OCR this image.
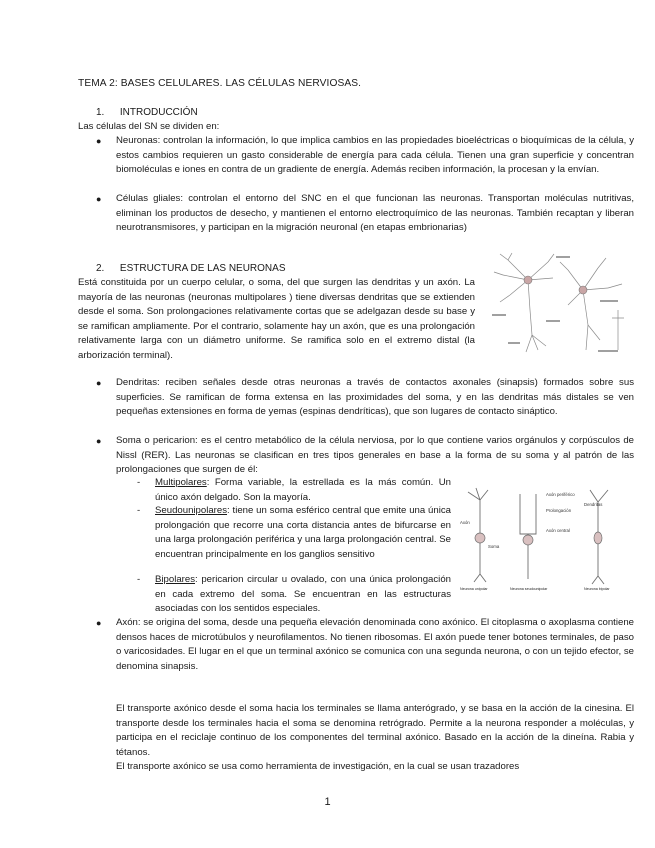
TEMA 2: BASES CELULARES. LAS CÉLULAS NERVIOSAS.
1. INTRODUCCIÓN
Las células del SN se dividen en:
● Neuronas: controlan la información, lo que implica cambios en las propiedades bioeléctricas o bioquímicas de la célula, y estos cambios requieren un gasto considerable de energía para cada célula. Tienen una gran superficie y concentran biomoléculas e iones en contra de un gradiente de energía. Además reciben información, la procesan y la envían.

● Células gliales: controlan el entorno del SNC en el que funcionan las neuronas. Transportan moléculas nutritivas, eliminan los productos de desecho, y mantienen el entorno electroquímico de las neuronas. También recaptan y liberan neurotransmisores, y participan en la migración neuronal (en etapas embrionarias)

2. ESTRUCTURA DE LAS NEURONAS
Está constituida por un cuerpo celular, o soma, del que surgen las dendritas y un axón. La mayoría de las neuronas (neuronas multipolares ) tiene diversas dendritas que se extienden desde el soma. Son prolongaciones relativamente cortas que se adelgazan desde su base y se ramifican ampliamente. Por el contrario, solamente hay un axón, que es una prolongación relativamente larga con un diámetro uniforme. Se ramifica solo en el extremo distal (la arborización terminal).
● Dendritas: reciben señales desde otras neuronas a través de contactos axonales (sinapsis) formados sobre sus superficies. Se ramifican de forma extensa en las proximidades del soma, y en las dendritas más distales se ven pequeñas extensiones en forma de yemas (espinas dendríticas), que son lugares de contacto sináptico.

● Soma o pericarion: es el centro metabólico de la célula nerviosa, por lo que contiene varios orgánulos y corpúsculos de Nissl (RER). Las neuronas se clasifican en tres tipos generales en base a la forma de su soma y al patrón de las prolongaciones que surgen de él:

- Multipolares: Forma variable, la estrellada es la más común. Un único axón delgado. Son la mayoría.

- Seudounipolares: tiene un soma esférico central que emite una única prolongación que recorre una corta distancia antes de bifurcarse en una larga prolongación periférica y una larga prolongación central. Se encuentran principalmente en los ganglios sensitivo

- Bipolares: pericarion circular u ovalado, con una única prolongación en cada extremo del soma. Se encuentran en las estructuras asociadas con los sentidos especiales.

Dendritas
Axón periférico
Prolongación
Axón central
Axón
Soma
Neurona unipolar	Neurona seudounipolar	Neurona bipolar
● Axón: se origina del soma, desde una pequeña elevación denominada cono axónico. El citoplasma o axoplasma contiene densos haces de microtúbulos y neurofilamentos. No tienen ribosomas. El axón puede tener botones terminales, de paso o varicosidades. El lugar en el que un terminal axónico se comunica con una segunda neurona, o con un tejido efector, se denomina sinapsis.

El transporte axónico desde el soma hacia los terminales se llama anterógrado, y se basa en la acción de la cinesina. El transporte desde los terminales hacia el soma se denomina retrógrado. Permite a la neurona responder a moléculas, y participa en el reciclaje continuo de los componentes del terminal axónico. Basado en la acción de la dineína. Rabia y tétanos.
El transporte axónico se usa como herramienta de investigación, en la cual se usan trazadores
1
